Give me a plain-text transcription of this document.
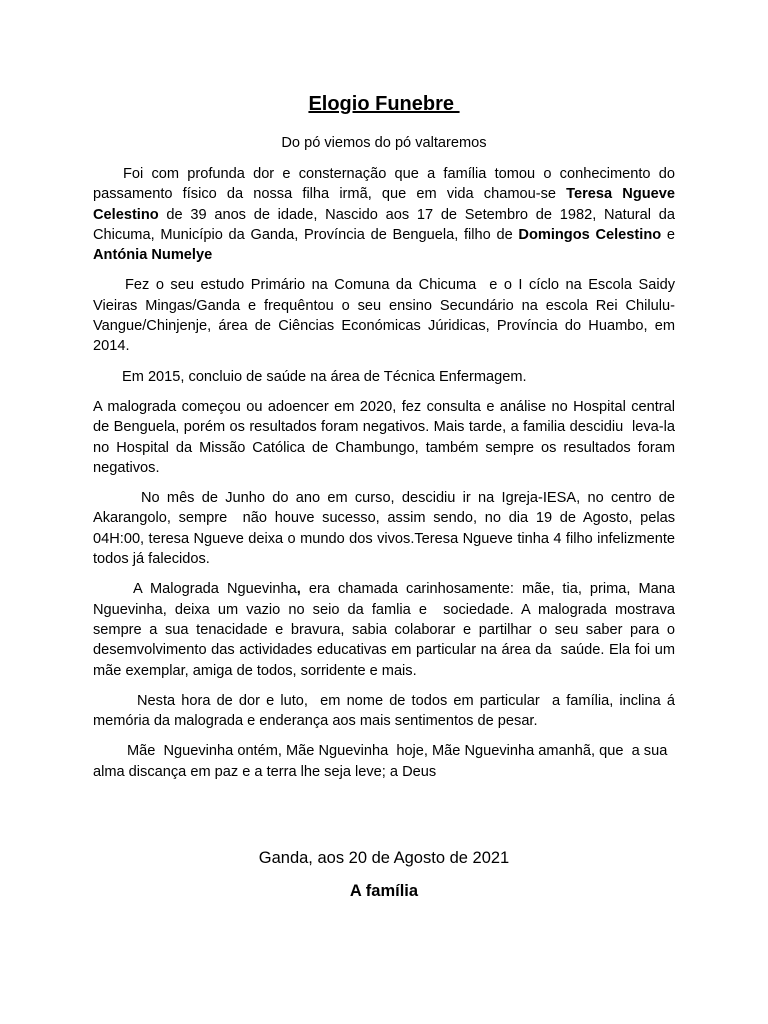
Elogio Funebre
Do pó viemos do pó valtaremos

Foi com profunda dor e consternação que a família tomou o conhecimento do passamento físico da nossa filha irmã, que em vida chamou-se Teresa Ngueve Celestino de 39 anos de idade, Nascido aos 17 de Setembro de 1982, Natural da Chicuma, Município da Ganda, Província de Benguela, filho de Domingos Celestino e Antónia Numelye

Fez o seu estudo Primário na Comuna da Chicuma  e o I cíclo na Escola Saidy Vieiras Mingas/Ganda e frequêntou o seu ensino Secundário na escola Rei Chilulu-Vangue/Chinjenje, área de Ciências Económicas Júridicas, Província do Huambo, em 2014.

Em 2015, concluio de saúde na área de Técnica Enfermagem.

A malograda começou ou adoencer em 2020, fez consulta e análise no Hospital central de Benguela, porém os resultados foram negativos. Mais tarde, a familia descidiu  leva-la no Hospital da Missão Católica de Chambungo, também sempre os resultados foram negativos.

No mês de Junho do ano em curso, descidiu ir na Igreja-IESA, no centro de Akarangolo, sempre  não houve sucesso, assim sendo, no dia 19 de Agosto, pelas 04H:00, teresa Ngueve deixa o mundo dos vivos.Teresa Ngueve tinha 4 filho infelizmente todos já falecidos.

A Malograda Nguevinha, era chamada carinhosamente: mãe, tia, prima, Mana Nguevinha, deixa um vazio no seio da famlia e  sociedade. A malograda mostrava sempre a sua tenacidade e bravura, sabia colaborar e partilhar o seu saber para o desemvolvimento das actividades educativas em particular na área da  saúde. Ela foi um mãe exemplar, amiga de todos, sorridente e mais.

Nesta hora de dor e luto,  em nome de todos em particular  a família, inclina á memória da malograda e enderança aos mais sentimentos de pesar.

Mãe  Nguevinha ontém, Mãe Nguevinha  hoje, Mãe Nguevinha amanhã, que  a sua alma discança em paz e a terra lhe seja leve; a Deus

Ganda, aos 20 de Agosto de 2021
A família
